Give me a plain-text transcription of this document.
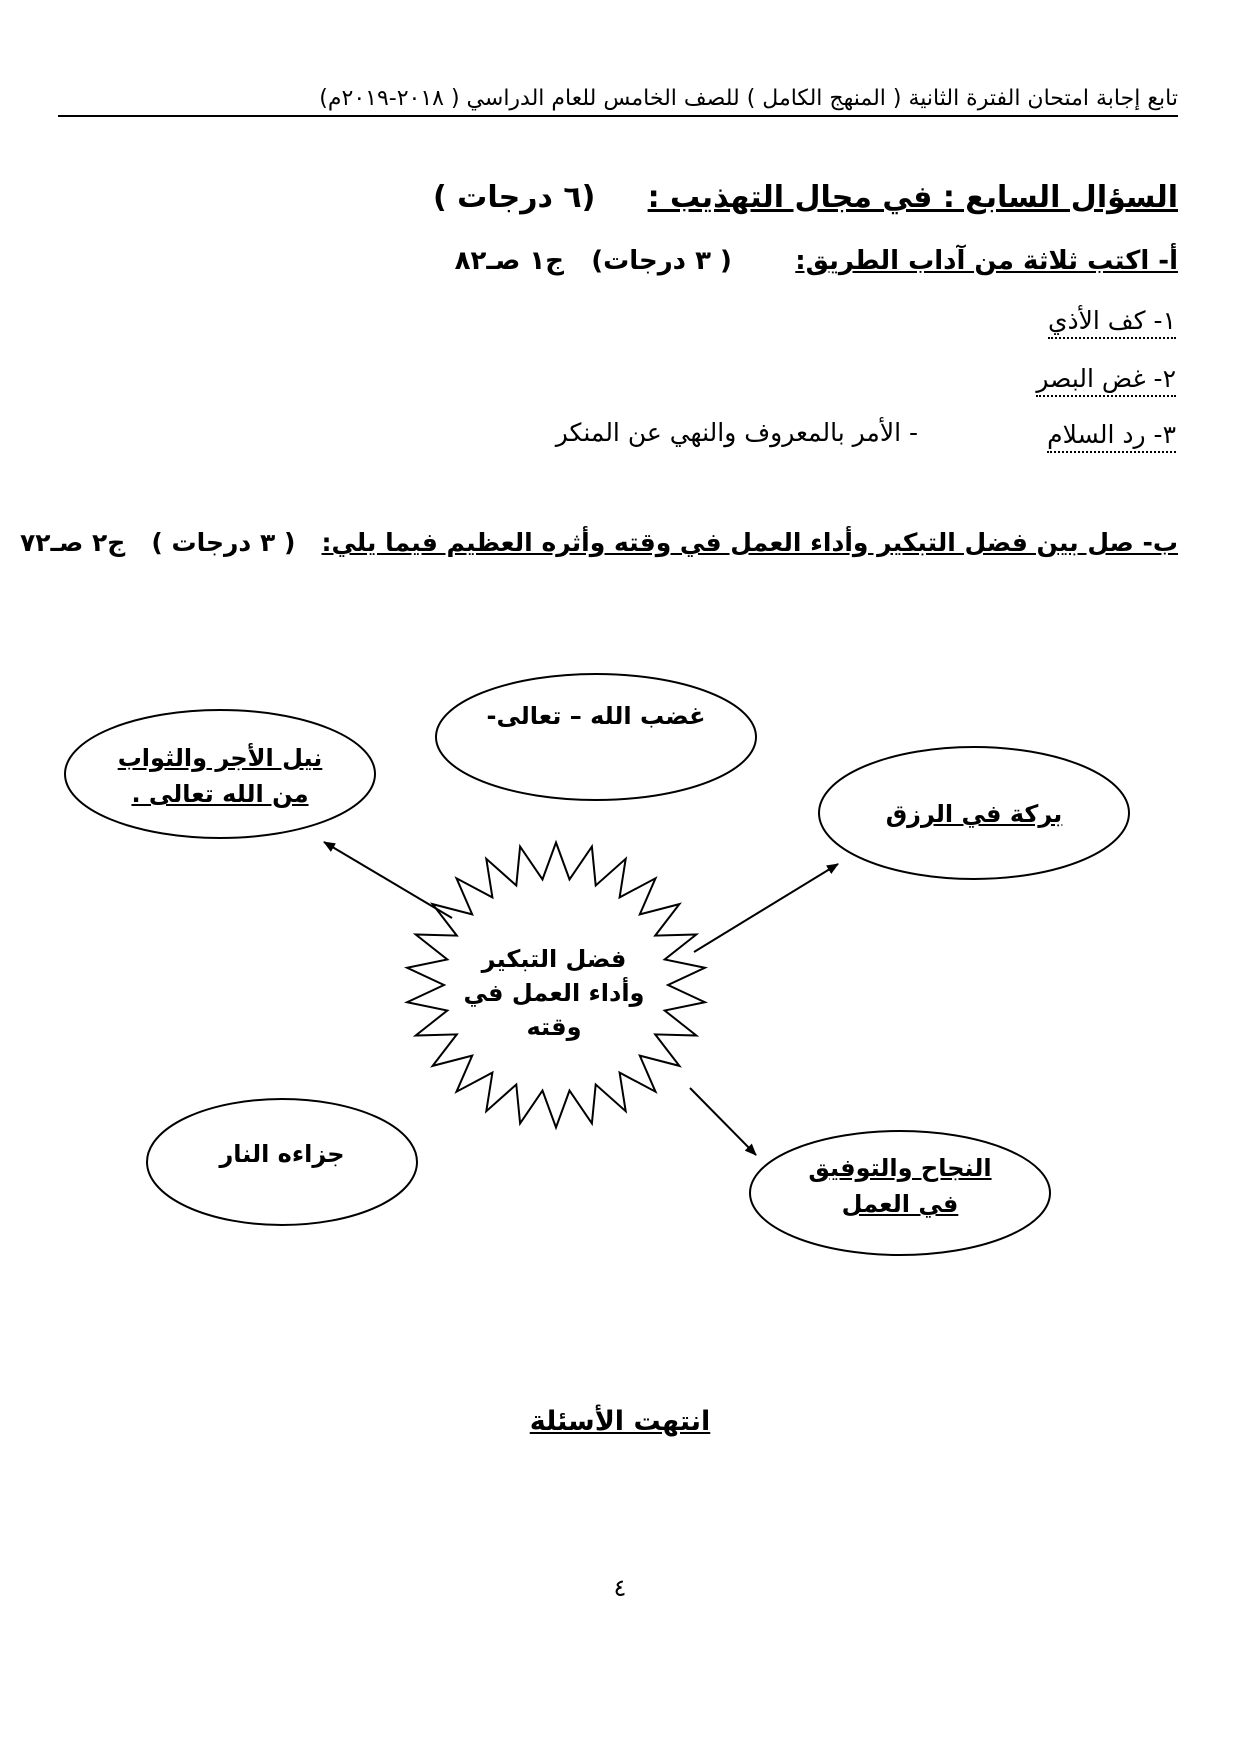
تابع إجابة امتحان الفترة الثانية ( المنهج الكامل ) للصف الخامس للعام الدراسي ( ٢٠١٨-٢٠١٩م)
السؤال السابع : في مجال التهذيب :     (٦ درجات )
أ- اكتب ثلاثة من آداب الطريق:       ( ٣ درجات)   ج١ صـ٨٢
١- كف الأذي
٢- غض البصر
٣- رد السلام
- الأمر بالمعروف والنهي عن المنكر
ب- صل بين فضل التبكير وأداء العمل في وقته وأثره العظيم فيما يلي:   ( ٣ درجات )   ج٢ صـ٧٢
نيل الأجر والثواب
من الله تعالى .
غضب الله – تعالى-
بركة في الرزق
جزاءه النار	النجاح والتوفيق
في العمل
فضل التبكير
وأداء العمل في
وقته
انتهت الأسئلة
٤
